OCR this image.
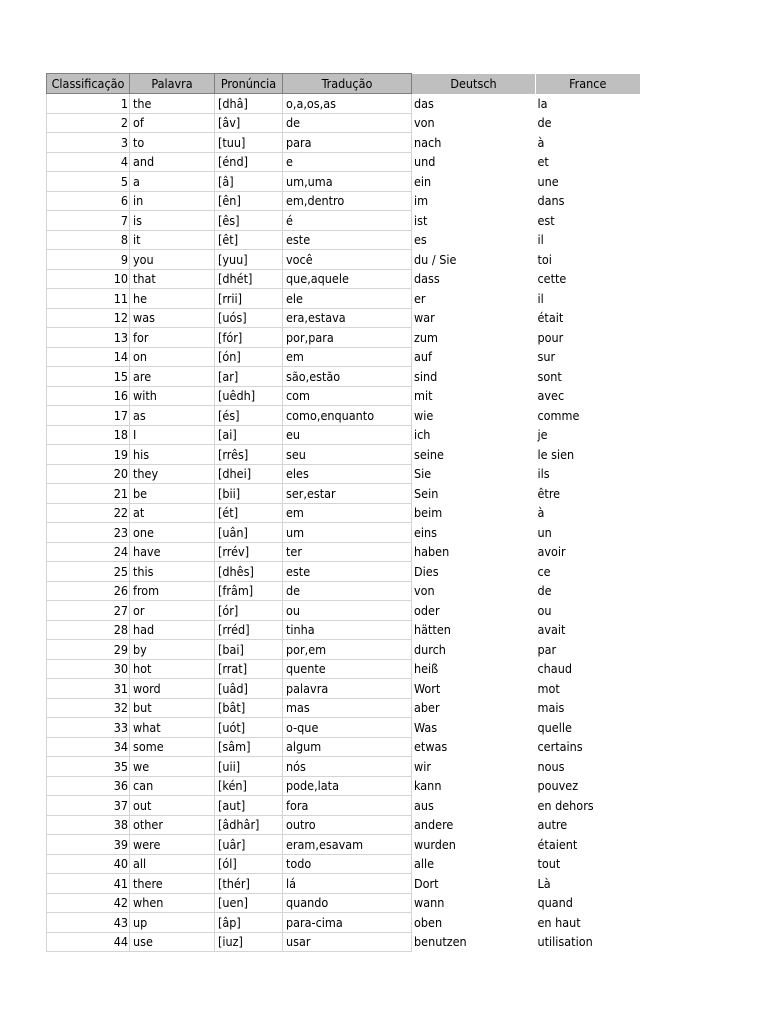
Classificação	Palavra	Pronúncia	Tradução	Deutsch	France
1	the	[dhâ]	o,a,os,as	das	la
2	of	[âv]	de	von	de
3	to	[tuu]	para	nach	à
4	and	[énd]	e	und	et
5	a	[â]	um,uma	ein	une
6	in	[ên]	em,dentro	im	dans
7	is	[ês]	é	ist	est
8	it	[êt]	este	es	il
9	you	[yuu]	você	du / Sie	toi
10	that	[dhét]	que,aquele	dass	cette
11	he	[rrii]	ele	er	il
12	was	[uós]	era,estava	war	était
13	for	[fór]	por,para	zum	pour
14	on	[ón]	em	auf	sur
15	are	[ar]	são,estão	sind	sont
16	with	[uêdh]	com	mit	avec
17	as	[és]	como,enquanto	wie	comme
18	I	[ai]	eu	ich	je
19	his	[rrês]	seu	seine	le sien
20	they	[dhei]	eles	Sie	ils
21	be	[bii]	ser,estar	Sein	être
22	at	[ét]	em	beim	à
23	one	[uân]	um	eins	un
24	have	[rrév]	ter	haben	avoir
25	this	[dhês]	este	Dies	ce
26	from	[frâm]	de	von	de
27	or	[ór]	ou	oder	ou
28	had	[rréd]	tinha	hätten	avait
29	by	[bai]	por,em	durch	par
30	hot	[rrat]	quente	heiß	chaud
31	word	[uâd]	palavra	Wort	mot
32	but	[bât]	mas	aber	mais
33	what	[uót]	o-que	Was	quelle
34	some	[sâm]	algum	etwas	certains
35	we	[uii]	nós	wir	nous
36	can	[kén]	pode,lata	kann	pouvez
37	out	[aut]	fora	aus	en dehors
38	other	[âdhâr]	outro	andere	autre
39	were	[uâr]	eram,esavam	wurden	étaient
40	all	[ól]	todo	alle	tout
41	there	[thér]	lá	Dort	Là
42	when	[uen]	quando	wann	quand
43	up	[âp]	para-cima	oben	en haut
44	use	[iuz]	usar	benutzen	utilisation
